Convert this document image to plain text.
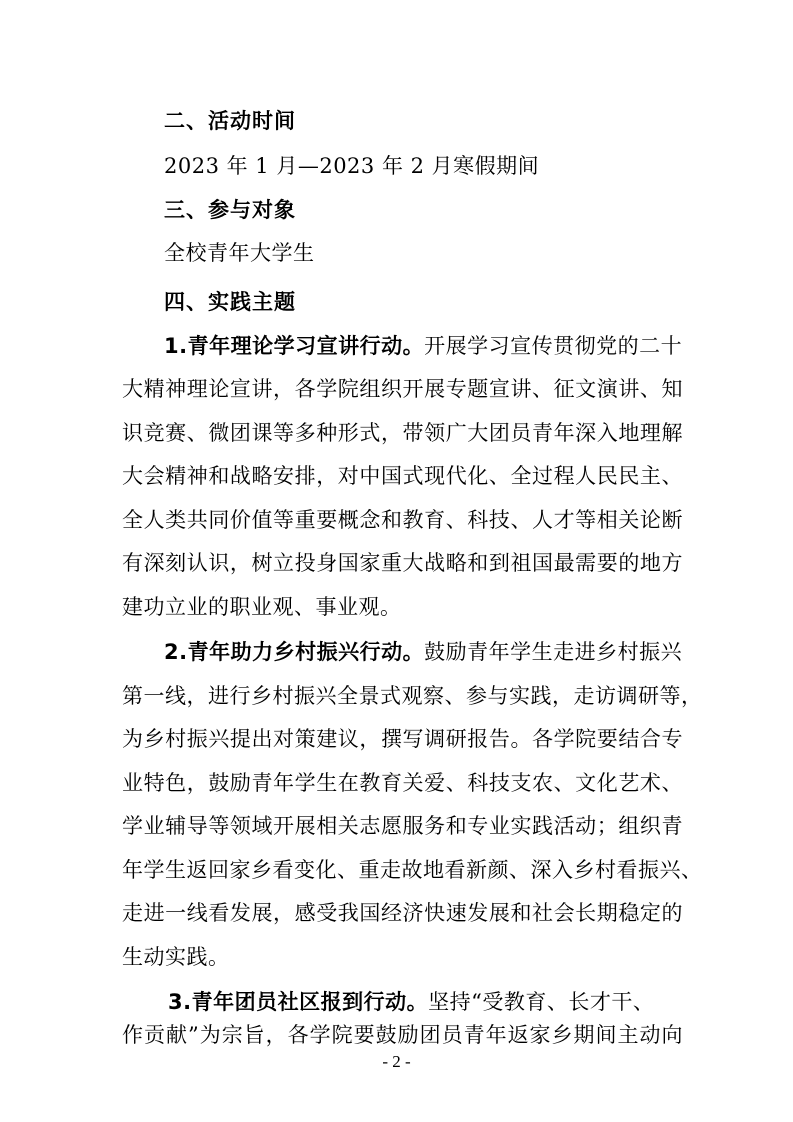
二、活动时间
2023 年 1 月—2023 年 2 月寒假期间
三、参与对象
全校青年大学生
四、实践主题
1.青年理论学习宣讲行动。开展学习宣传贯彻党的二十
大精神理论宣讲，各学院组织开展专题宣讲、征文演讲、知
识竞赛、微团课等多种形式，带领广大团员青年深入地理解
大会精神和战略安排，对中国式现代化、全过程人民民主、
全人类共同价值等重要概念和教育、科技、人才等相关论断
有深刻认识，树立投身国家重大战略和到祖国最需要的地方
建功立业的职业观、事业观。
2.青年助力乡村振兴行动。鼓励青年学生走进乡村振兴
第一线，进行乡村振兴全景式观察、参与实践，走访调研等，
为乡村振兴提出对策建议，撰写调研报告。各学院要结合专
业特色，鼓励青年学生在教育关爱、科技支农、文化艺术、
学业辅导等领域开展相关志愿服务和专业实践活动；组织青
年学生返回家乡看变化、重走故地看新颜、深入乡村看振兴、
走进一线看发展，感受我国经济快速发展和社会长期稳定的
生动实践。
3.青年团员社区报到行动。坚持“受教育、长才干、
- 2 -
作贡献”为宗旨，各学院要鼓励团员青年返家乡期间主动向
